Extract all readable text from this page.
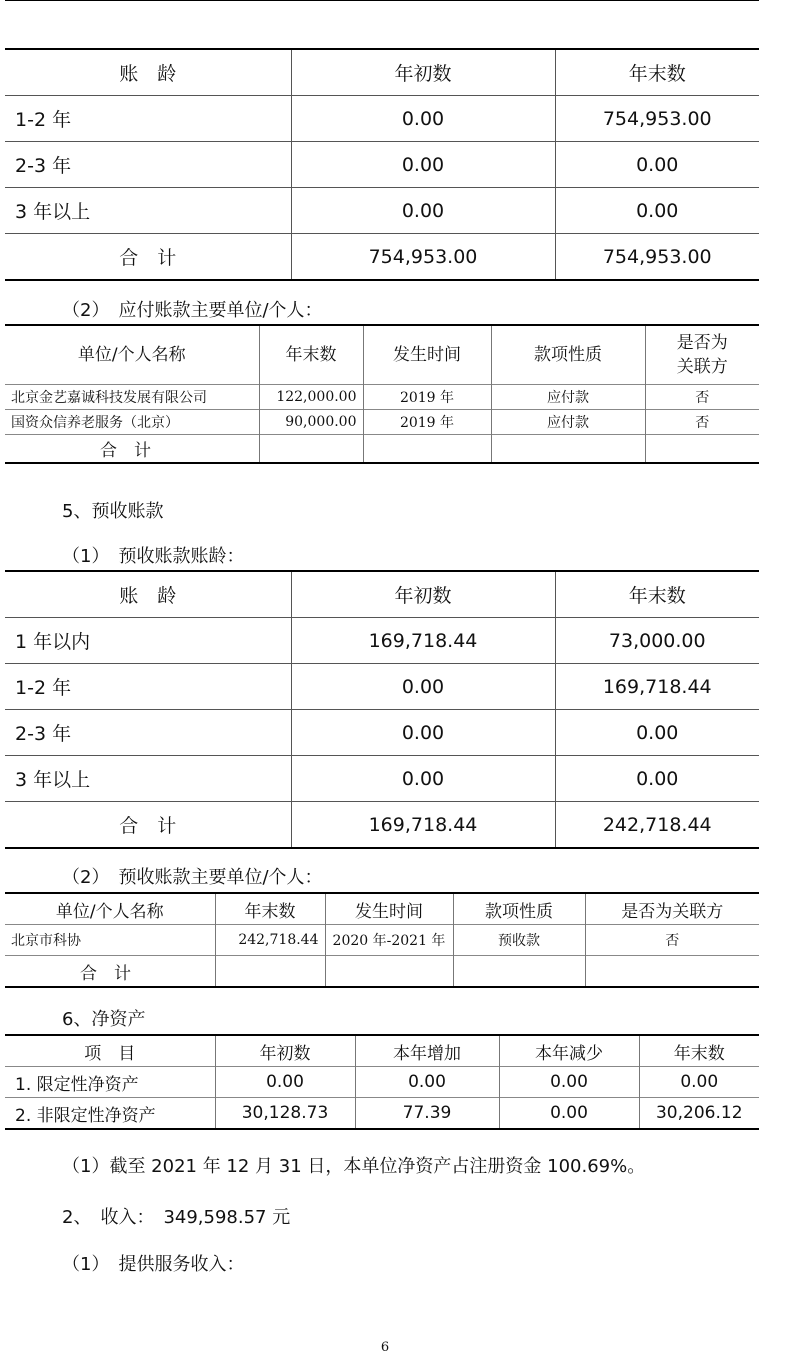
账　龄	年初数	年末数
1-2 年	0.00	754,953.00
2-3 年	0.00	0.00
3 年以上	0.00	0.00
合　计	754,953.00	754,953.00
（2）　应付账款主要单位/个人：
单位/个人名称	年末数	发生时间	款项性质	是否为关联方
北京金艺嘉诚科技发展有限公司	122,000.00	2019 年	应付款	否
国资众信养老服务（北京）	90,000.00	2019 年	应付款	否
合　计				
5、预收账款
（1）　预收账款账龄：
账　龄	年初数	年末数
1 年以内	169,718.44	73,000.00
1-2 年	0.00	169,718.44
2-3 年	0.00	0.00
3 年以上	0.00	0.00
合　计	169,718.44	242,718.44
（2）　预收账款主要单位/个人：
单位/个人名称	年末数	发生时间	款项性质	是否为关联方
北京市科协	242,718.44	2020 年-2021 年	预收款	否
合　计				
6、净资产
项　目	年初数	本年增加	本年减少	年末数
1. 限定性净资产	0.00	0.00	0.00	0.00
2. 非限定性净资产	30,128.73	77.39	0.00	30,206.12
（1）截至 2021 年 12 月 31 日，本单位净资产占注册资金 100.69%。
2、　收入：　349,598.57 元
（1）　提供服务收入：
6
